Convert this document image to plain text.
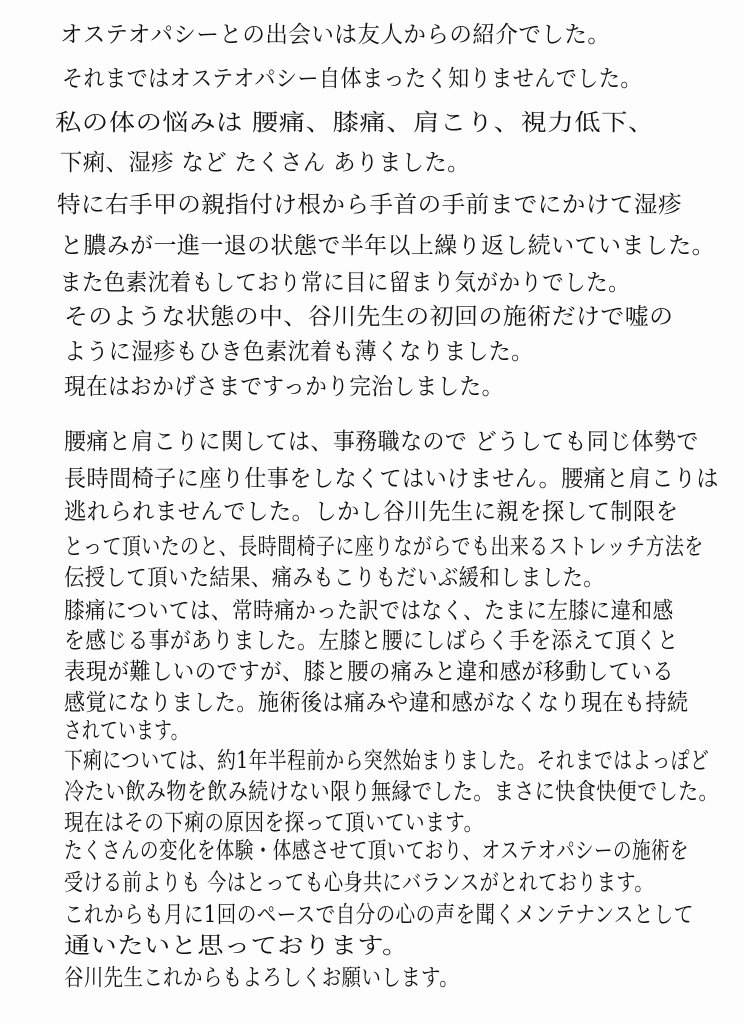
オステオパシーとの出会いは友人からの紹介でした。
それまではオステオパシー自体まったく知りませんでした。
私の体の悩みは 腰痛、膝痛、肩こり、視力低下、
下痢、湿疹 など たくさん ありました。
特に右手甲の親指付け根から手首の手前までにかけて湿疹
と膿みが一進一退の状態で半年以上繰り返し続いていました。
また色素沈着もしており常に目に留まり気がかりでした。
そのような状態の中、谷川先生の初回の施術だけで嘘の
ように湿疹もひき色素沈着も薄くなりました。
現在はおかげさまですっかり完治しました。
腰痛と肩こりに関しては、事務職なので どうしても同じ体勢で
長時間椅子に座り仕事をしなくてはいけません。腰痛と肩こりは
逃れられませんでした。しかし谷川先生に親を探して制限を
とって頂いたのと、長時間椅子に座りながらでも出来るストレッチ方法を
伝授して頂いた結果、痛みもこりもだいぶ緩和しました。
膝痛については、常時痛かった訳ではなく、たまに左膝に違和感
を感じる事がありました。左膝と腰にしばらく手を添えて頂くと
表現が難しいのですが、膝と腰の痛みと違和感が移動している
感覚になりました。施術後は痛みや違和感がなくなり現在も持続
されています。
下痢については、約1年半程前から突然始まりました。それまではよっぽど
冷たい飲み物を飲み続けない限り無縁でした。まさに快食快便でした。
現在はその下痢の原因を探って頂いています。
たくさんの変化を体験・体感させて頂いており、オステオパシーの施術を
受ける前よりも 今はとっても心身共にバランスがとれております。
これからも月に1回のペースで自分の心の声を聞くメンテナンスとして
通いたいと思っております。
谷川先生これからもよろしくお願いします。
